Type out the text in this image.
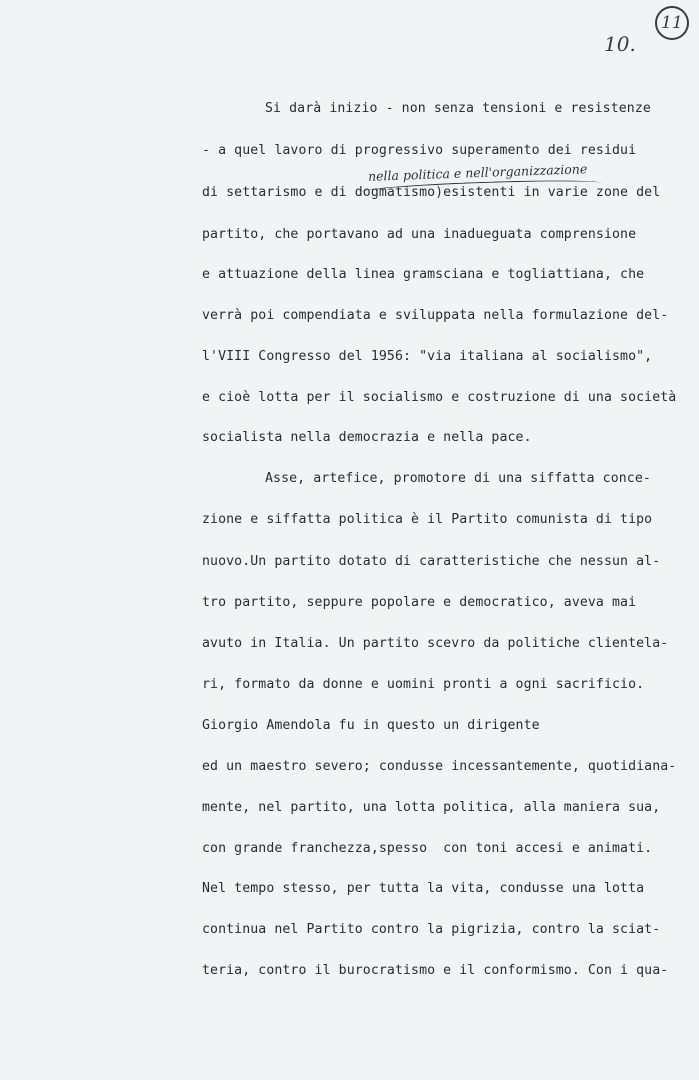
10.
11
nella politica e nell'organizzazione
Si darà inizio - non senza tensioni e resistenze
- a quel lavoro di progressivo superamento dei residui
di settarismo e di dogmatismo)esistenti in varie zone del
partito, che portavano ad una inadueguata comprensione
e attuazione della linea gramsciana e togliattiana, che
verrà poi compendiata e sviluppata nella formulazione del-
l'VIII Congresso del 1956: "via italiana al socialismo",
e cioè lotta per il socialismo e costruzione di una società
socialista nella democrazia e nella pace.
Asse, artefice, promotore di una siffatta conce-
zione e siffatta politica è il Partito comunista di tipo
nuovo.Un partito dotato di caratteristiche che nessun al-
tro partito, seppure popolare e democratico, aveva mai
avuto in Italia. Un partito scevro da politiche clientela-
ri, formato da donne e uomini pronti a ogni sacrificio.
Giorgio Amendola fu in questo un dirigente
ed un maestro severo; condusse incessantemente, quotidiana-
mente, nel partito, una lotta politica, alla maniera sua,
con grande franchezza,spesso  con toni accesi e animati.
Nel tempo stesso, per tutta la vita, condusse una lotta
continua nel Partito contro la pigrizia, contro la sciat-
teria, contro il burocratismo e il conformismo. Con i qua-
